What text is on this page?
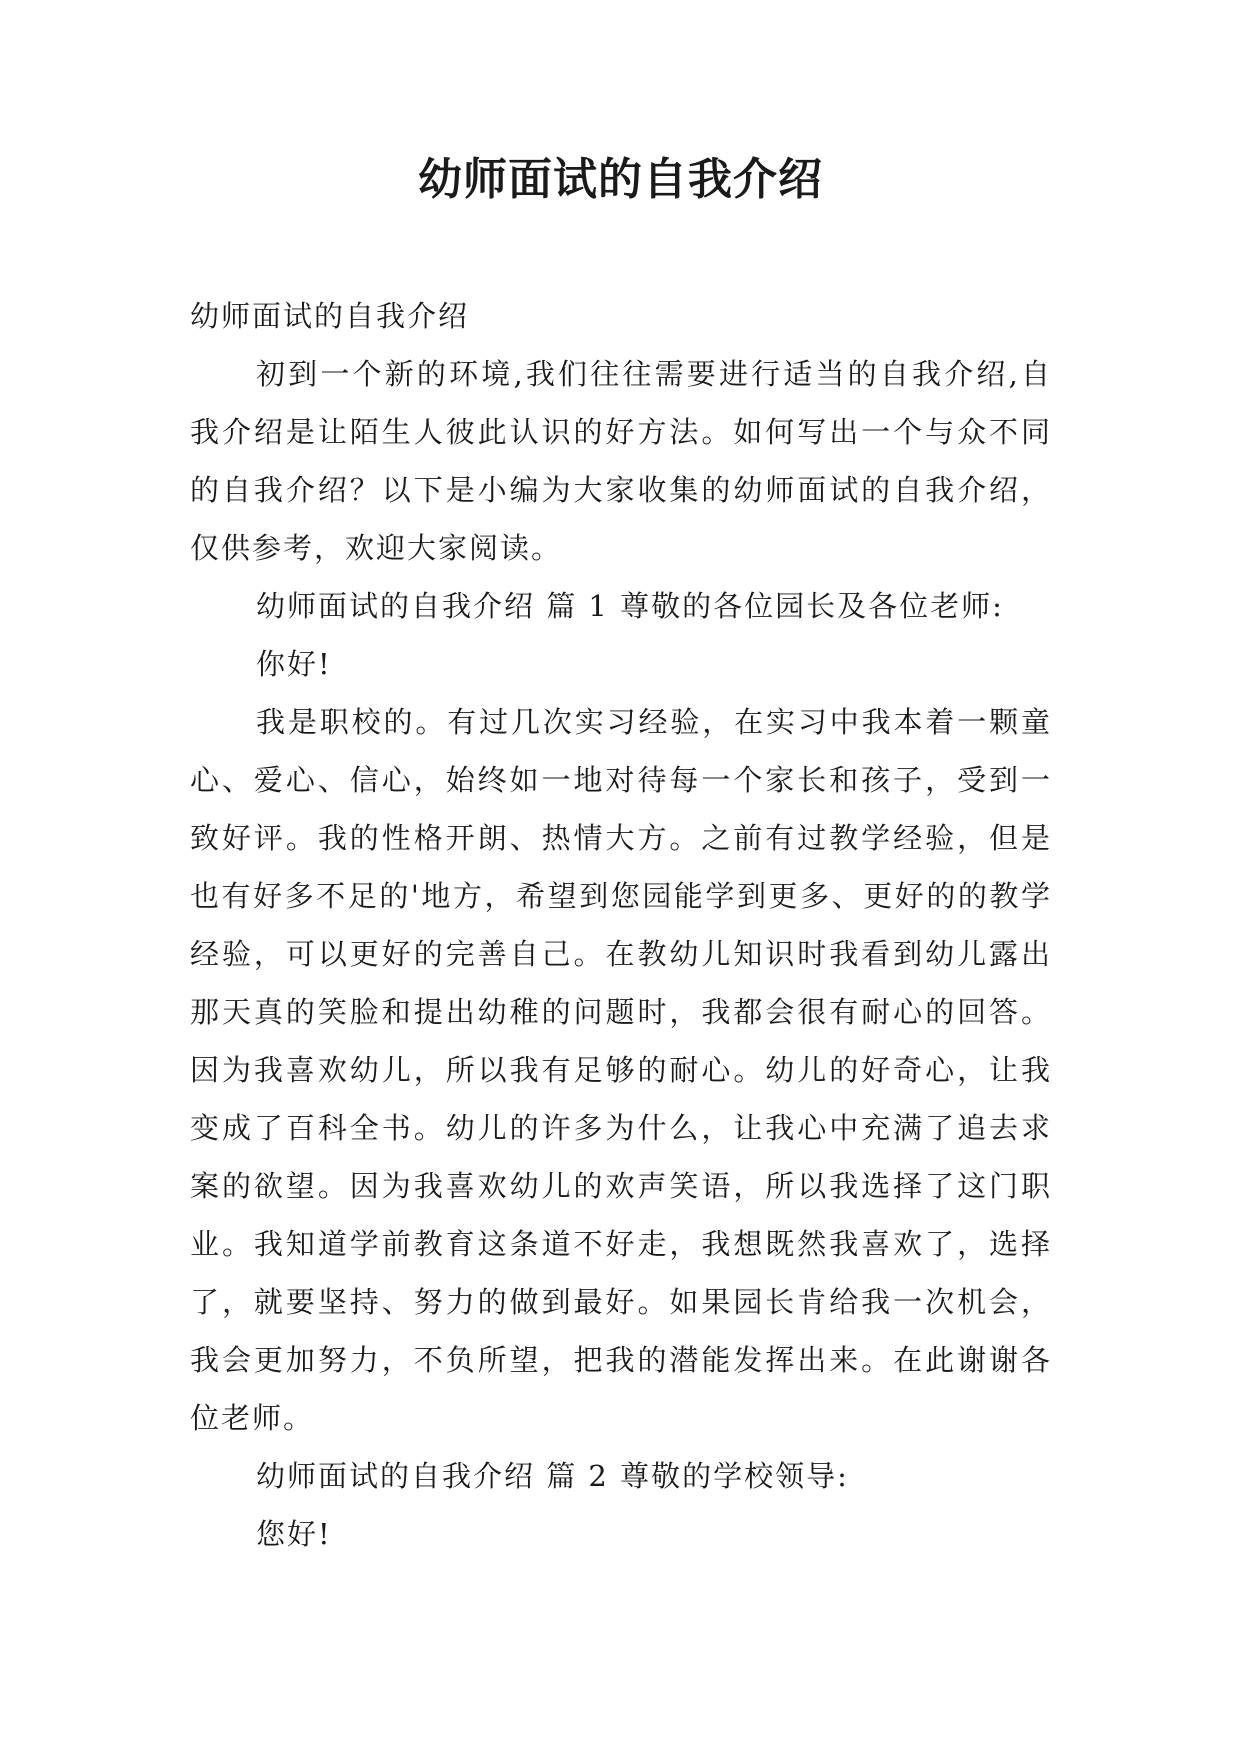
幼师面试的自我介绍

幼师面试的自我介绍

初到一个新的环境,我们往往需要进行适当的自我介绍,自我介绍是让陌生人彼此认识的好方法。如何写出一个与众不同的自我介绍？以下是小编为大家收集的幼师面试的自我介绍，仅供参考，欢迎大家阅读。

幼师面试的自我介绍 篇 1 尊敬的各位园长及各位老师:

你好!

我是职校的。有过几次实习经验，在实习中我本着一颗童心、爱心、信心，始终如一地对待每一个家长和孩子，受到一致好评。我的性格开朗、热情大方。之前有过教学经验，但是也有好多不足的'地方，希望到您园能学到更多、更好的的教学经验，可以更好的完善自己。在教幼儿知识时我看到幼儿露出那天真的笑脸和提出幼稚的问题时，我都会很有耐心的回答。因为我喜欢幼儿，所以我有足够的耐心。幼儿的好奇心，让我变成了百科全书。幼儿的许多为什么，让我心中充满了追去求案的欲望。因为我喜欢幼儿的欢声笑语，所以我选择了这门职业。我知道学前教育这条道不好走，我想既然我喜欢了，选择了，就要坚持、努力的做到最好。如果园长肯给我一次机会，我会更加努力，不负所望，把我的潜能发挥出来。在此谢谢各位老师。

幼师面试的自我介绍 篇 2 尊敬的学校领导:

您好!
